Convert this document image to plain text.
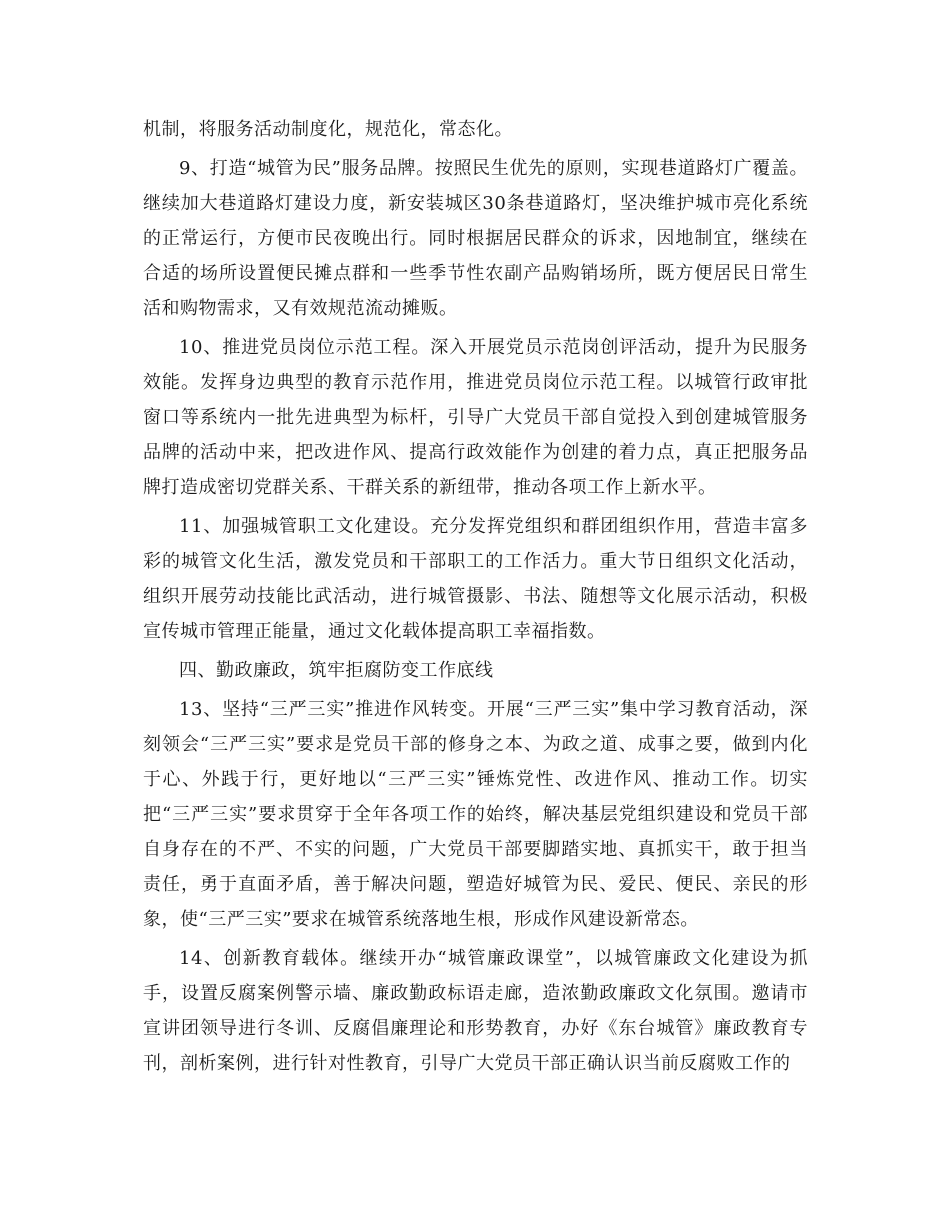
机制，将服务活动制度化，规范化，常态化。

9、打造“城管为民”服务品牌。按照民生优先的原则，实现巷道路灯广覆盖。继续加大巷道路灯建设力度，新安装城区30条巷道路灯，坚决维护城市亮化系统的正常运行，方便市民夜晚出行。同时根据居民群众的诉求，因地制宜，继续在合适的场所设置便民摊点群和一些季节性农副产品购销场所，既方便居民日常生活和购物需求，又有效规范流动摊贩。

10、推进党员岗位示范工程。深入开展党员示范岗创评活动，提升为民服务效能。发挥身边典型的教育示范作用，推进党员岗位示范工程。以城管行政审批窗口等系统内一批先进典型为标杆，引导广大党员干部自觉投入到创建城管服务品牌的活动中来，把改进作风、提高行政效能作为创建的着力点，真正把服务品牌打造成密切党群关系、干群关系的新纽带，推动各项工作上新水平。

11、加强城管职工文化建设。充分发挥党组织和群团组织作用，营造丰富多彩的城管文化生活，激发党员和干部职工的工作活力。重大节日组织文化活动，组织开展劳动技能比武活动，进行城管摄影、书法、随想等文化展示活动，积极宣传城市管理正能量，通过文化载体提高职工幸福指数。

四、勤政廉政，筑牢拒腐防变工作底线

13、坚持“三严三实”推进作风转变。开展“三严三实”集中学习教育活动，深刻领会“三严三实”要求是党员干部的修身之本、为政之道、成事之要，做到内化于心、外践于行，更好地以“三严三实”锤炼党性、改进作风、推动工作。切实把“三严三实”要求贯穿于全年各项工作的始终，解决基层党组织建设和党员干部自身存在的不严、不实的问题，广大党员干部要脚踏实地、真抓实干，敢于担当责任，勇于直面矛盾，善于解决问题，塑造好城管为民、爱民、便民、亲民的形象，使“三严三实”要求在城管系统落地生根，形成作风建设新常态。

14、创新教育载体。继续开办“城管廉政课堂”，以城管廉政文化建设为抓手，设置反腐案例警示墙、廉政勤政标语走廊，造浓勤政廉政文化氛围。邀请市宣讲团领导进行冬训、反腐倡廉理论和形势教育，办好《东台城管》廉政教育专刊，剖析案例，进行针对性教育，引导广大党员干部正确认识当前反腐败工作的
